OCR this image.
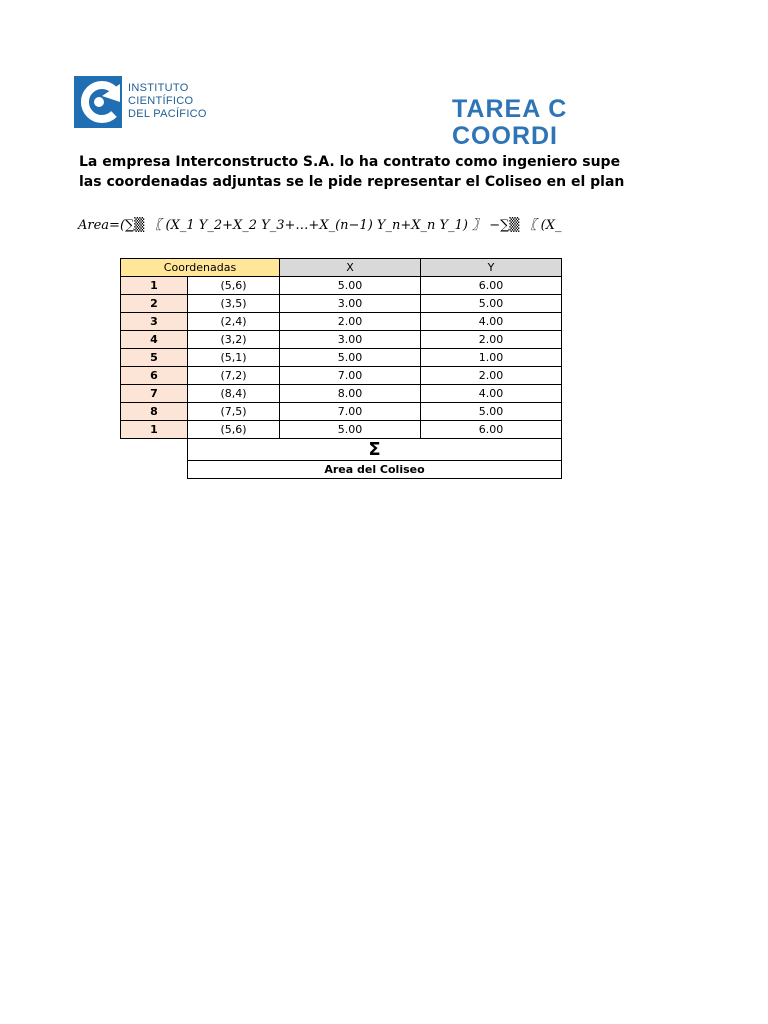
INSTITUTO
CIENTÍFICO
DEL PACÍFICO	TAREA C
COORDI
La empresa Interconstructo S.A. lo ha contrato como ingeniero supe
las coordenadas adjuntas se le pide representar el Coliseo en el plan
Area=(∑▒ 〖 (X_1 Y_2+X_2 Y_3+…+X_(n−1) Y_n+X_n Y_1) 〗 −∑▒ 〖 (X_
Coordenadas		X	Y
1	(5,6)	5.00	6.00
2	(3,5)	3.00	5.00
3	(2,4)	2.00	4.00
4	(3,2)	3.00	2.00
5	(5,1)	5.00	1.00
6	(7,2)	7.00	2.00
7	(8,4)	8.00	4.00
8	(7,5)	7.00	5.00
1	(5,6)	5.00	6.00
	Σ		
	Area del Coliseo		
